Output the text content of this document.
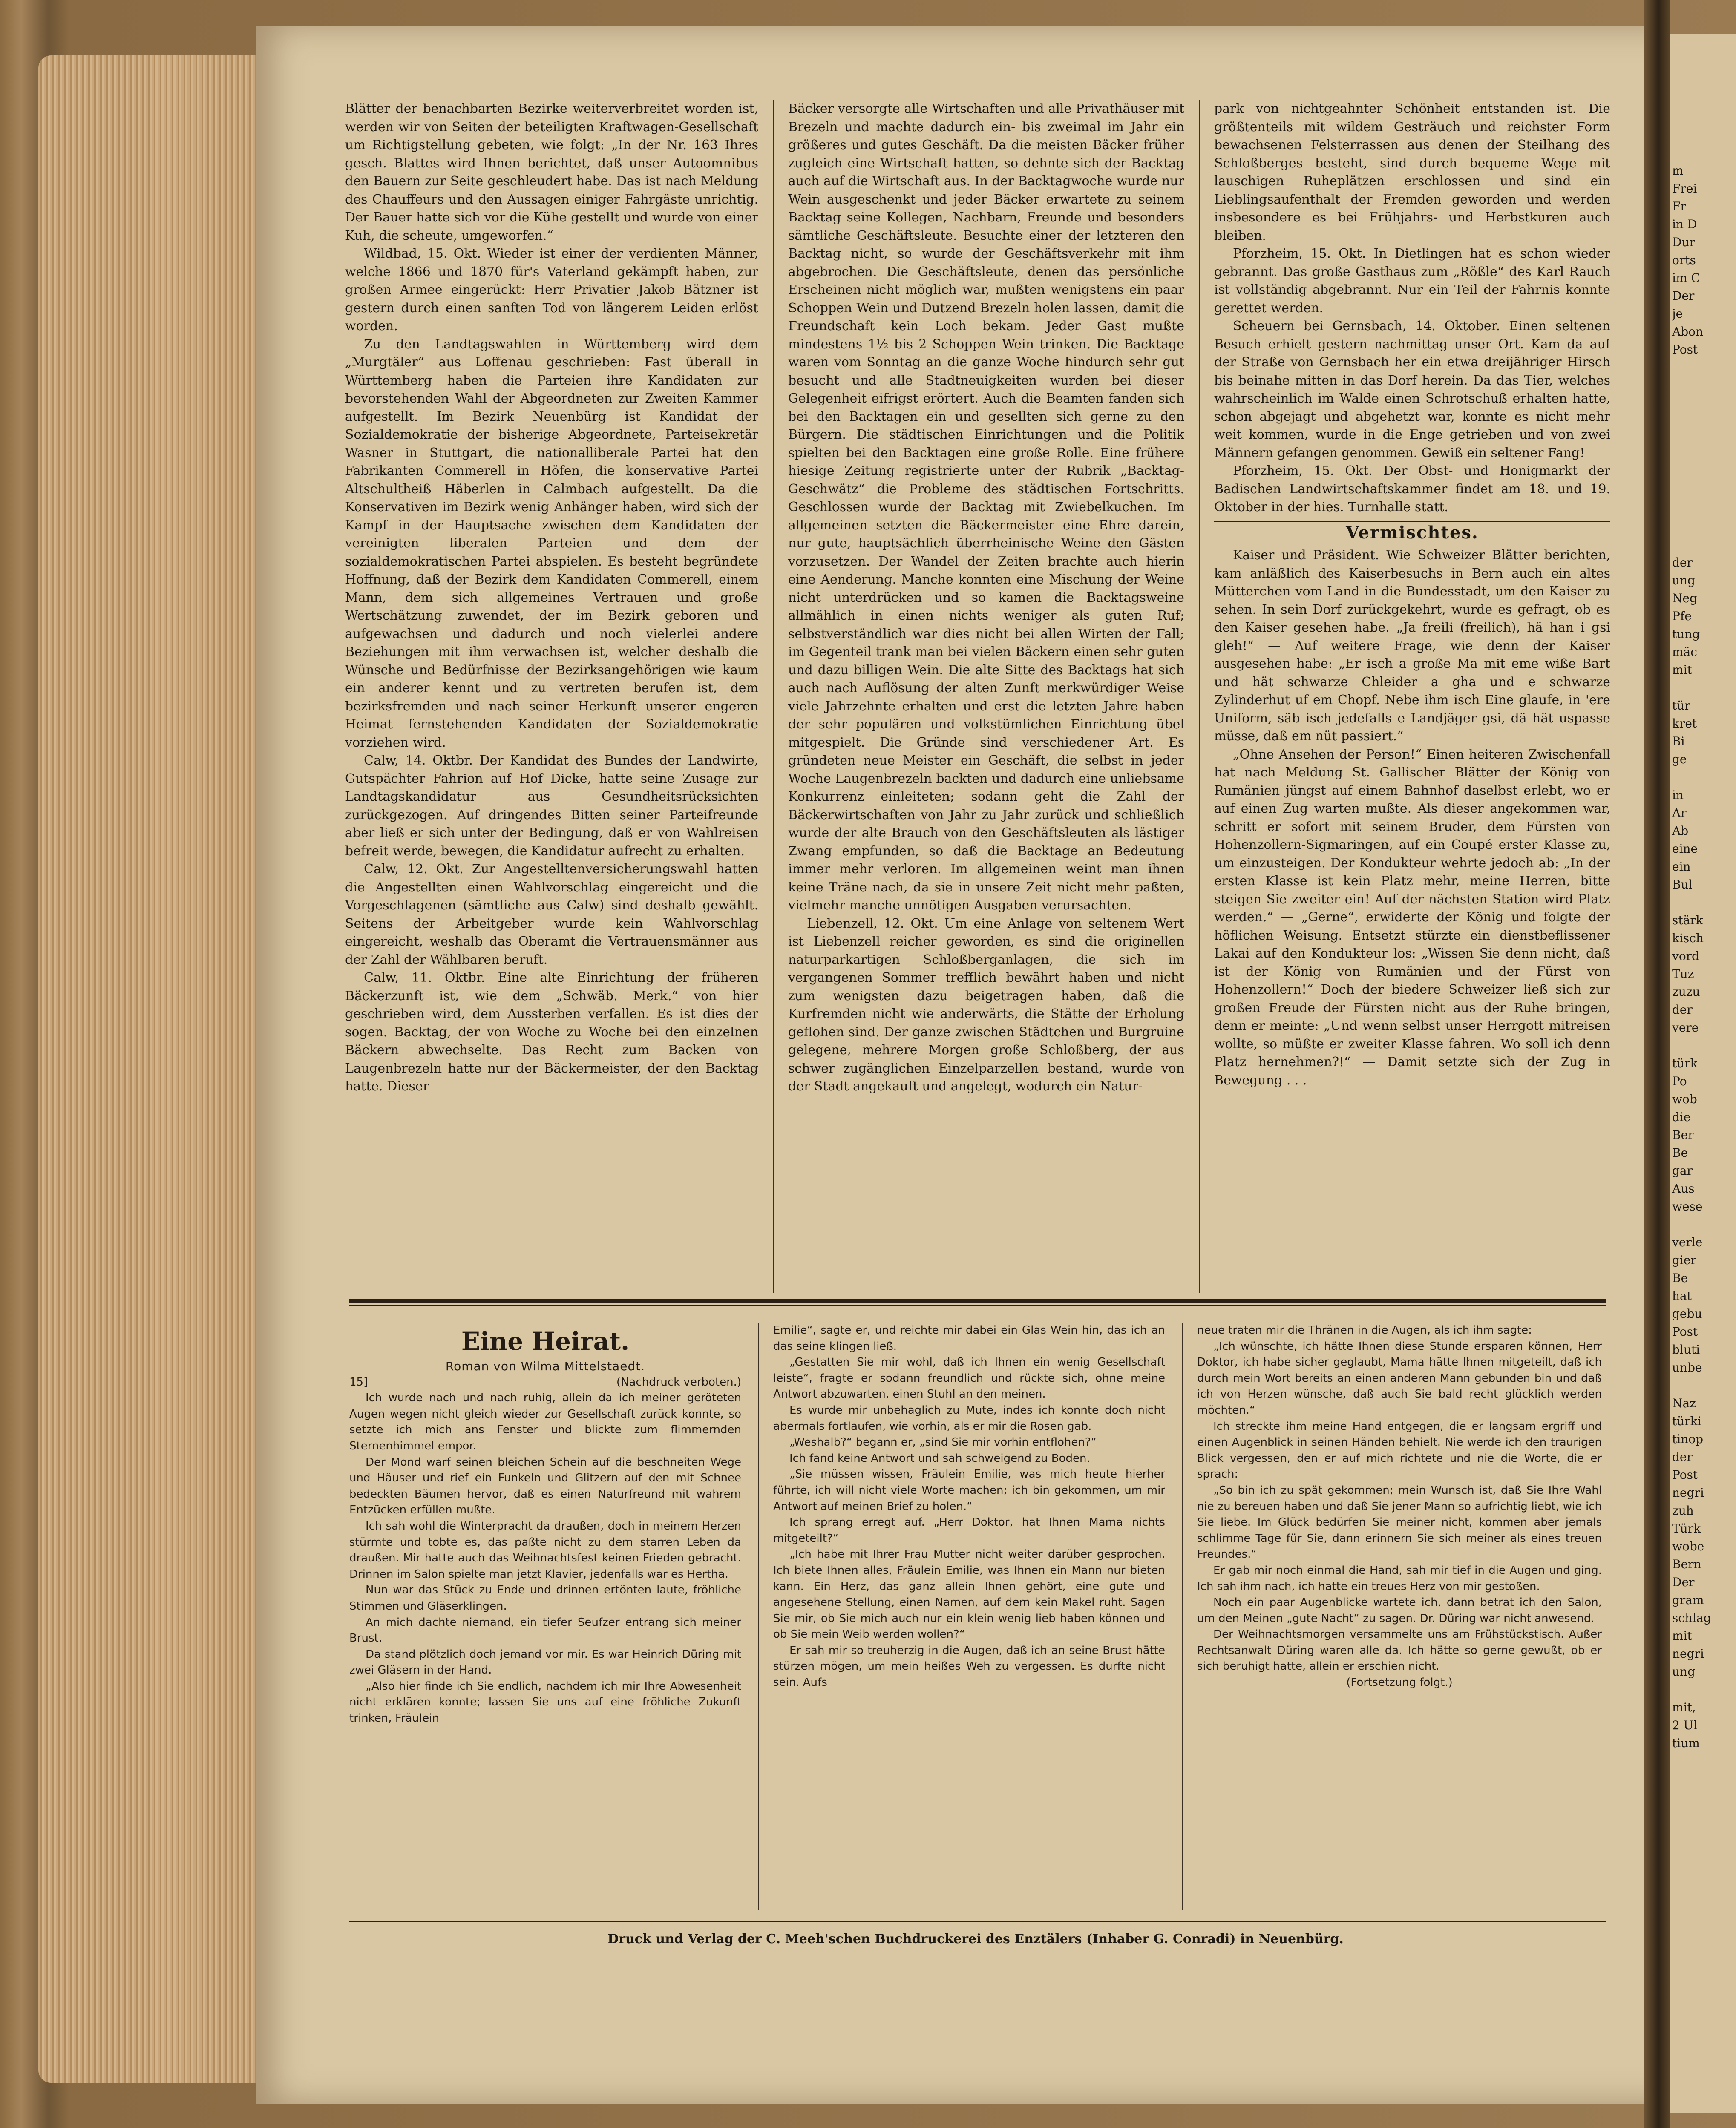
Blätter der benachbarten Bezirke weiterverbreitet worden ist, werden wir von Seiten der beteiligten Kraftwagen-Gesellschaft um Richtigstellung gebeten, wie folgt: „In der Nr. 163 Ihres gesch. Blattes wird Ihnen berichtet, daß unser Autoomnibus den Bauern zur Seite geschleudert habe. Das ist nach Meldung des Chauffeurs und den Aussagen einiger Fahrgäste unrichtig. Der Bauer hatte sich vor die Kühe gestellt und wurde von einer Kuh, die scheute, umgeworfen.“

Wildbad, 15. Okt. Wieder ist einer der verdienten Männer, welche 1866 und 1870 für's Vaterland gekämpft haben, zur großen Armee eingerückt: Herr Privatier Jakob Bätzner ist gestern durch einen sanften Tod von längerem Leiden erlöst worden.

Zu den Landtagswahlen in Württemberg wird dem „Murgtäler“ aus Loffenau geschrieben: Fast überall in Württemberg haben die Parteien ihre Kandidaten zur bevorstehenden Wahl der Abgeordneten zur Zweiten Kammer aufgestellt. Im Bezirk Neuenbürg ist Kandidat der Sozialdemokratie der bisherige Abgeordnete, Parteisekretär Wasner in Stuttgart, die nationalliberale Partei hat den Fabrikanten Commerell in Höfen, die konservative Partei Altschultheiß Häberlen in Calmbach aufgestellt. Da die Konservativen im Bezirk wenig Anhänger haben, wird sich der Kampf in der Hauptsache zwischen dem Kandidaten der vereinigten liberalen Parteien und dem der sozialdemokratischen Partei abspielen. Es besteht begründete Hoffnung, daß der Bezirk dem Kandidaten Commerell, einem Mann, dem sich allgemeines Vertrauen und große Wertschätzung zuwendet, der im Bezirk geboren und aufgewachsen und dadurch und noch vielerlei andere Beziehungen mit ihm verwachsen ist, welcher deshalb die Wünsche und Bedürfnisse der Bezirksangehörigen wie kaum ein anderer kennt und zu vertreten berufen ist, dem bezirksfremden und nach seiner Herkunft unserer engeren Heimat fernstehenden Kandidaten der Sozialdemokratie vorziehen wird.

Calw, 14. Oktbr. Der Kandidat des Bundes der Landwirte, Gutspächter Fahrion auf Hof Dicke, hatte seine Zusage zur Landtagskandidatur aus Gesundheitsrücksichten zurückgezogen. Auf dringendes Bitten seiner Parteifreunde aber ließ er sich unter der Bedingung, daß er von Wahlreisen befreit werde, bewegen, die Kandidatur aufrecht zu erhalten.

Calw, 12. Okt. Zur Angestelltenversicherungswahl hatten die Angestellten einen Wahlvorschlag eingereicht und die Vorgeschlagenen (sämtliche aus Calw) sind deshalb gewählt. Seitens der Arbeitgeber wurde kein Wahlvorschlag eingereicht, weshalb das Oberamt die Vertrauensmänner aus der Zahl der Wählbaren beruft.

Calw, 11. Oktbr. Eine alte Einrichtung der früheren Bäckerzunft ist, wie dem „Schwäb. Merk.“ von hier geschrieben wird, dem Aussterben verfallen. Es ist dies der sogen. Backtag, der von Woche zu Woche bei den einzelnen Bäckern abwechselte. Das Recht zum Backen von Laugenbrezeln hatte nur der Bäckermeister, der den Backtag hatte. Dieser

Bäcker versorgte alle Wirtschaften und alle Privathäuser mit Brezeln und machte dadurch ein- bis zweimal im Jahr ein größeres und gutes Geschäft. Da die meisten Bäcker früher zugleich eine Wirtschaft hatten, so dehnte sich der Backtag auch auf die Wirtschaft aus. In der Backtagwoche wurde nur Wein ausgeschenkt und jeder Bäcker erwartete zu seinem Backtag seine Kollegen, Nachbarn, Freunde und besonders sämtliche Geschäftsleute. Besuchte einer der letzteren den Backtag nicht, so wurde der Geschäftsverkehr mit ihm abgebrochen. Die Geschäftsleute, denen das persönliche Erscheinen nicht möglich war, mußten wenigstens ein paar Schoppen Wein und Dutzend Brezeln holen lassen, damit die Freundschaft kein Loch bekam. Jeder Gast mußte mindestens 1½ bis 2 Schoppen Wein trinken. Die Backtage waren vom Sonntag an die ganze Woche hindurch sehr gut besucht und alle Stadtneuigkeiten wurden bei dieser Gelegenheit eifrigst erörtert. Auch die Beamten fanden sich bei den Backtagen ein und gesellten sich gerne zu den Bürgern. Die städtischen Einrichtungen und die Politik spielten bei den Backtagen eine große Rolle. Eine frühere hiesige Zeitung registrierte unter der Rubrik „Backtag-Geschwätz“ die Probleme des städtischen Fortschritts. Geschlossen wurde der Backtag mit Zwiebelkuchen. Im allgemeinen setzten die Bäckermeister eine Ehre darein, nur gute, hauptsächlich überrheinische Weine den Gästen vorzusetzen. Der Wandel der Zeiten brachte auch hierin eine Aenderung. Manche konnten eine Mischung der Weine nicht unterdrücken und so kamen die Backtagsweine allmählich in einen nichts weniger als guten Ruf; selbstverständlich war dies nicht bei allen Wirten der Fall; im Gegenteil trank man bei vielen Bäckern einen sehr guten und dazu billigen Wein. Die alte Sitte des Backtags hat sich auch nach Auflösung der alten Zunft merkwürdiger Weise viele Jahrzehnte erhalten und erst die letzten Jahre haben der sehr populären und volkstümlichen Einrichtung übel mitgespielt. Die Gründe sind verschiedener Art. Es gründeten neue Meister ein Geschäft, die selbst in jeder Woche Laugenbrezeln backten und dadurch eine unliebsame Konkurrenz einleiteten; sodann geht die Zahl der Bäckerwirtschaften von Jahr zu Jahr zurück und schließlich wurde der alte Brauch von den Geschäftsleuten als lästiger Zwang empfunden, so daß die Backtage an Bedeutung immer mehr verloren. Im allgemeinen weint man ihnen keine Träne nach, da sie in unsere Zeit nicht mehr paßten, vielmehr manche unnötigen Ausgaben verursachten.

Liebenzell, 12. Okt. Um eine Anlage von seltenem Wert ist Liebenzell reicher geworden, es sind die originellen naturparkartigen Schloßberganlagen, die sich im vergangenen Sommer trefflich bewährt haben und nicht zum wenigsten dazu beigetragen haben, daß die Kurfremden nicht wie anderwärts, die Stätte der Erholung geflohen sind. Der ganze zwischen Städtchen und Burgruine gelegene, mehrere Morgen große Schloßberg, der aus schwer zugänglichen Einzelparzellen bestand, wurde von der Stadt angekauft und angelegt, wodurch ein Natur-

park von nichtgeahnter Schönheit entstanden ist. Die größtenteils mit wildem Gesträuch und reichster Form bewachsenen Felsterrassen aus denen der Steilhang des Schloßberges besteht, sind durch bequeme Wege mit lauschigen Ruheplätzen erschlossen und sind ein Lieblingsaufenthalt der Fremden geworden und werden insbesondere es bei Frühjahrs- und Herbstkuren auch bleiben.

Pforzheim, 15. Okt. In Dietlingen hat es schon wieder gebrannt. Das große Gasthaus zum „Rößle“ des Karl Rauch ist vollständig abgebrannt. Nur ein Teil der Fahrnis konnte gerettet werden.

Scheuern bei Gernsbach, 14. Oktober. Einen seltenen Besuch erhielt gestern nachmittag unser Ort. Kam da auf der Straße von Gernsbach her ein etwa dreijähriger Hirsch bis beinahe mitten in das Dorf herein. Da das Tier, welches wahrscheinlich im Walde einen Schrotschuß erhalten hatte, schon abgejagt und abgehetzt war, konnte es nicht mehr weit kommen, wurde in die Enge getrieben und von zwei Männern gefangen genommen. Gewiß ein seltener Fang!

Pforzheim, 15. Okt. Der Obst- und Honigmarkt der Badischen Landwirtschaftskammer findet am 18. und 19. Oktober in der hies. Turnhalle statt.

Vermischtes.

Kaiser und Präsident. Wie Schweizer Blätter berichten, kam anläßlich des Kaiserbesuchs in Bern auch ein altes Mütterchen vom Land in die Bundesstadt, um den Kaiser zu sehen. In sein Dorf zurückgekehrt, wurde es gefragt, ob es den Kaiser gesehen habe. „Ja freili (freilich), hä han i gsi gleh!“ — Auf weitere Frage, wie denn der Kaiser ausgesehen habe: „Er isch a große Ma mit eme wiße Bart und hät schwarze Chleider a gha und e schwarze Zylinderhut uf em Chopf. Nebe ihm isch Eine glaufe, in 'ere Uniform, säb isch jedefalls e Landjäger gsi, dä hät uspasse müsse, daß em nüt passiert.“

„Ohne Ansehen der Person!“ Einen heiteren Zwischenfall hat nach Meldung St. Gallischer Blätter der König von Rumänien jüngst auf einem Bahnhof daselbst erlebt, wo er auf einen Zug warten mußte. Als dieser angekommen war, schritt er sofort mit seinem Bruder, dem Fürsten von Hohenzollern-Sigmaringen, auf ein Coupé erster Klasse zu, um einzusteigen. Der Kondukteur wehrte jedoch ab: „In der ersten Klasse ist kein Platz mehr, meine Herren, bitte steigen Sie zweiter ein! Auf der nächsten Station wird Platz werden.“ — „Gerne“, erwiderte der König und folgte der höflichen Weisung. Entsetzt stürzte ein dienstbeflissener Lakai auf den Kondukteur los: „Wissen Sie denn nicht, daß ist der König von Rumänien und der Fürst von Hohenzollern!“ Doch der biedere Schweizer ließ sich zur großen Freude der Fürsten nicht aus der Ruhe bringen, denn er meinte: „Und wenn selbst unser Herrgott mitreisen wollte, so müßte er zweiter Klasse fahren. Wo soll ich denn Platz hernehmen?!“ — Damit setzte sich der Zug in Bewegung . . .

Eine Heirat.

Roman von Wilma Mittelstaedt.

15]	(Nachdruck verboten.)

Ich wurde nach und nach ruhig, allein da ich meiner geröteten Augen wegen nicht gleich wieder zur Gesellschaft zurück konnte, so setzte ich mich ans Fenster und blickte zum flimmernden Sternenhimmel empor.

Der Mond warf seinen bleichen Schein auf die beschneiten Wege und Häuser und rief ein Funkeln und Glitzern auf den mit Schnee bedeckten Bäumen hervor, daß es einen Naturfreund mit wahrem Entzücken erfüllen mußte.

Ich sah wohl die Winterpracht da draußen, doch in meinem Herzen stürmte und tobte es, das paßte nicht zu dem starren Leben da draußen. Mir hatte auch das Weihnachtsfest keinen Frieden gebracht. Drinnen im Salon spielte man jetzt Klavier, jedenfalls war es Hertha.

Nun war das Stück zu Ende und drinnen ertönten laute, fröhliche Stimmen und Gläserklingen.

An mich dachte niemand, ein tiefer Seufzer entrang sich meiner Brust.

Da stand plötzlich doch jemand vor mir. Es war Heinrich Düring mit zwei Gläsern in der Hand.

„Also hier finde ich Sie endlich, nachdem ich mir Ihre Abwesenheit nicht erklären konnte; lassen Sie uns auf eine fröhliche Zukunft trinken, Fräulein

Emilie“, sagte er, und reichte mir dabei ein Glas Wein hin, das ich an das seine klingen ließ.

„Gestatten Sie mir wohl, daß ich Ihnen ein wenig Gesellschaft leiste“, fragte er sodann freundlich und rückte sich, ohne meine Antwort abzuwarten, einen Stuhl an den meinen.

Es wurde mir unbehaglich zu Mute, indes ich konnte doch nicht abermals fortlaufen, wie vorhin, als er mir die Rosen gab.

„Weshalb?“ begann er, „sind Sie mir vorhin entflohen?“

Ich fand keine Antwort und sah schweigend zu Boden.

„Sie müssen wissen, Fräulein Emilie, was mich heute hierher führte, ich will nicht viele Worte machen; ich bin gekommen, um mir Antwort auf meinen Brief zu holen.“

Ich sprang erregt auf. „Herr Doktor, hat Ihnen Mama nichts mitgeteilt?“

„Ich habe mit Ihrer Frau Mutter nicht weiter darüber gesprochen. Ich biete Ihnen alles, Fräulein Emilie, was Ihnen ein Mann nur bieten kann. Ein Herz, das ganz allein Ihnen gehört, eine gute und angesehene Stellung, einen Namen, auf dem kein Makel ruht. Sagen Sie mir, ob Sie mich auch nur ein klein wenig lieb haben können und ob Sie mein Weib werden wollen?“

Er sah mir so treuherzig in die Augen, daß ich an seine Brust hätte stürzen mögen, um mein heißes Weh zu vergessen. Es durfte nicht sein. Aufs

neue traten mir die Thränen in die Augen, als ich ihm sagte:

„Ich wünschte, ich hätte Ihnen diese Stunde ersparen können, Herr Doktor, ich habe sicher geglaubt, Mama hätte Ihnen mitgeteilt, daß ich durch mein Wort bereits an einen anderen Mann gebunden bin und daß ich von Herzen wünsche, daß auch Sie bald recht glücklich werden möchten.“

Ich streckte ihm meine Hand entgegen, die er langsam ergriff und einen Augenblick in seinen Händen behielt. Nie werde ich den traurigen Blick vergessen, den er auf mich richtete und nie die Worte, die er sprach:

„So bin ich zu spät gekommen; mein Wunsch ist, daß Sie Ihre Wahl nie zu bereuen haben und daß Sie jener Mann so aufrichtig liebt, wie ich Sie liebe. Im Glück bedürfen Sie meiner nicht, kommen aber jemals schlimme Tage für Sie, dann erinnern Sie sich meiner als eines treuen Freundes.“

Er gab mir noch einmal die Hand, sah mir tief in die Augen und ging. Ich sah ihm nach, ich hatte ein treues Herz von mir gestoßen.

Noch ein paar Augenblicke wartete ich, dann betrat ich den Salon, um den Meinen „gute Nacht“ zu sagen. Dr. Düring war nicht anwesend.

Der Weihnachtsmorgen versammelte uns am Frühstückstisch. Außer Rechtsanwalt Düring waren alle da. Ich hätte so gerne gewußt, ob er sich beruhigt hatte, allein er erschien nicht.

(Fortsetzung folgt.)

Druck und Verlag der C. Meeh'schen Buchdruckerei des Enztälers (Inhaber G. Conradi) in Neuenbürg.
m
Frei
Fr
in D
Dur
orts
im C
Der
je
Abon
Post
der
ung
Neg
Pfe
tung
mäc
mit

tür
kret
Bi
ge

in
Ar
Ab
eine
ein
Bul

stärk
kisch
vord
Tuz
zuzu
der
vere

türk
Po
wob
die
Ber
Be
gar
Aus
wese

verle
gier
Be
hat
gebu
Post
bluti
unbe

Naz
türki
tinop
der
Post
negri
zuh
Türk
wobe
Bern
Der
gram
schlag
mit
negri
ung

mit,
2 Ul
tium
